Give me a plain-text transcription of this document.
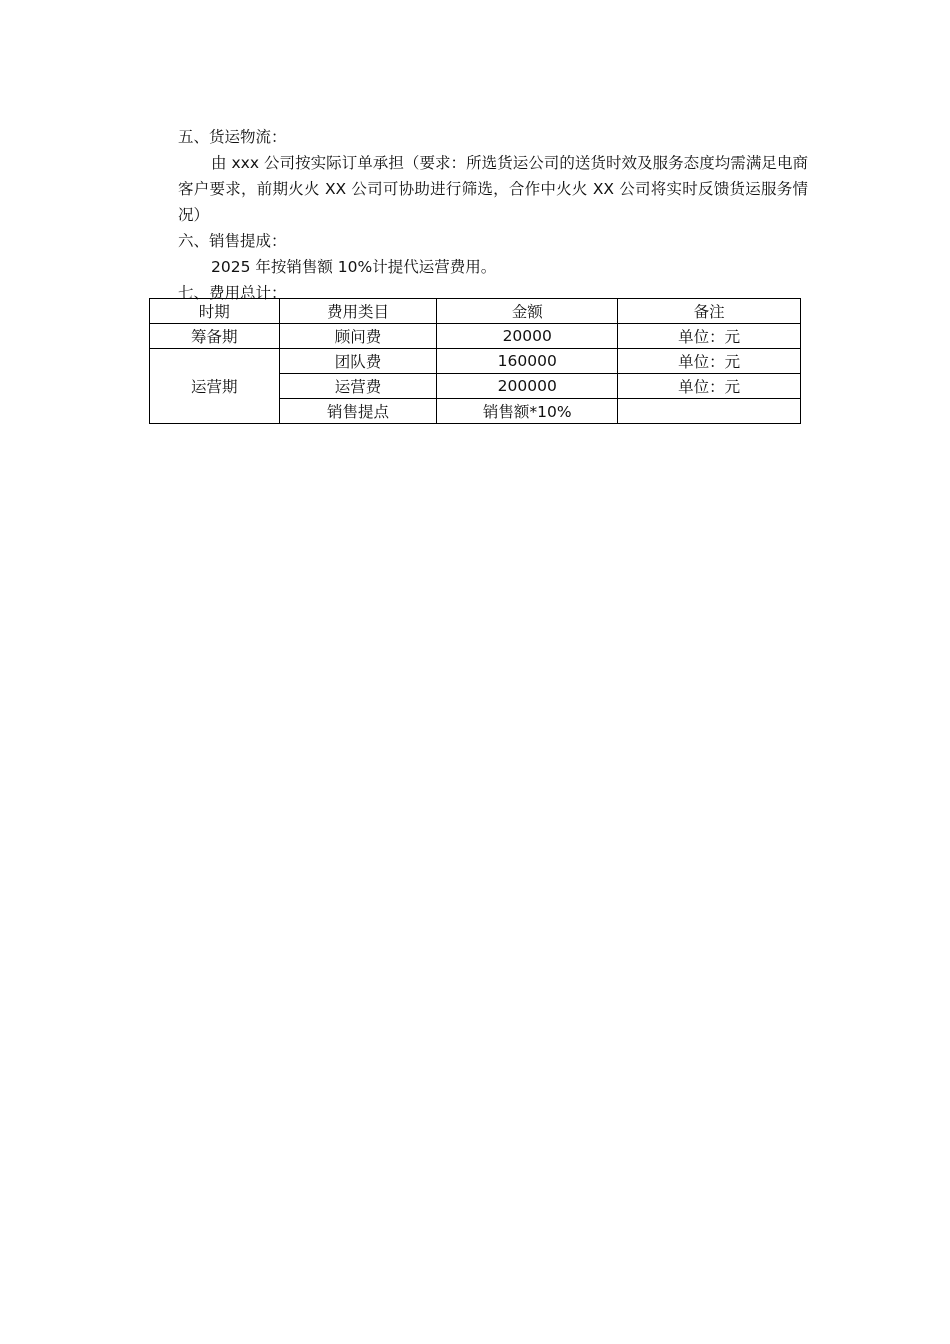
五、货运物流：

由 xxx 公司按实际订单承担（要求：所选货运公司的送货时效及服务态度均需满足电商客户要求，前期火火 XX 公司可协助进行筛选，合作中火火 XX 公司将实时反馈货运服务情况）

六、销售提成：

2025 年按销售额 10%计提代运营费用。

七、费用总计：

时期	费用类目	金额	备注
筹备期	顾问费	20000	单位：元
运营期	团队费	160000	单位：元
	运营费	200000	单位：元
	销售提点	销售额*10%	
